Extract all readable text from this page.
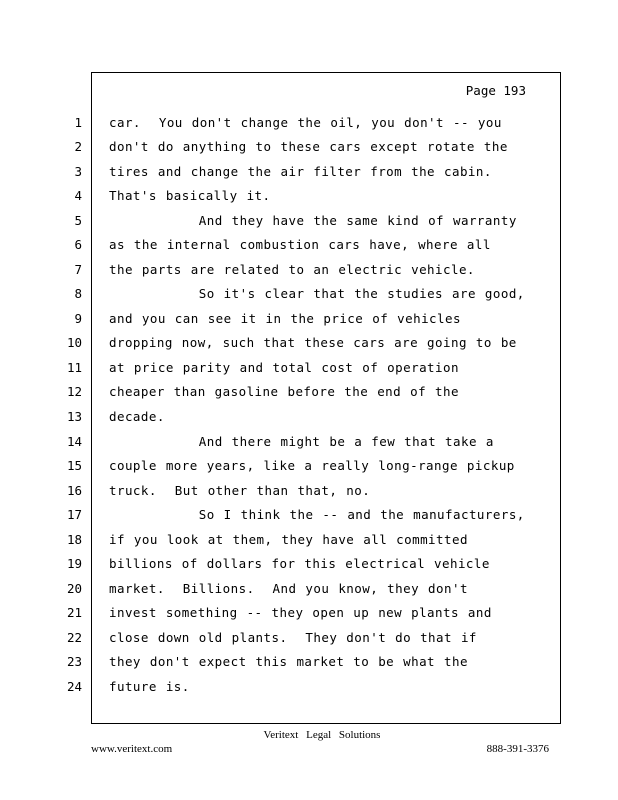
Page 193
1 car.  You don't change the oil, you don't -- you
2 don't do anything to these cars except rotate the
3 tires and change the air filter from the cabin.
4 That's basically it.
5 And they have the same kind of warranty
6 as the internal combustion cars have, where all
7 the parts are related to an electric vehicle.
8 So it's clear that the studies are good,
9 and you can see it in the price of vehicles
10 dropping now, such that these cars are going to be
11 at price parity and total cost of operation
12 cheaper than gasoline before the end of the
13 decade.
14 And there might be a few that take a
15 couple more years, like a really long-range pickup
16 truck.  But other than that, no.
17 So I think the -- and the manufacturers,
18 if you look at them, they have all committed
19 billions of dollars for this electrical vehicle
20 market.  Billions.  And you know, they don't
21 invest something -- they open up new plants and
22 close down old plants.  They don't do that if
23 they don't expect this market to be what the
24 future is.
Veritext Legal Solutions
www.veritext.com	888-391-3376
